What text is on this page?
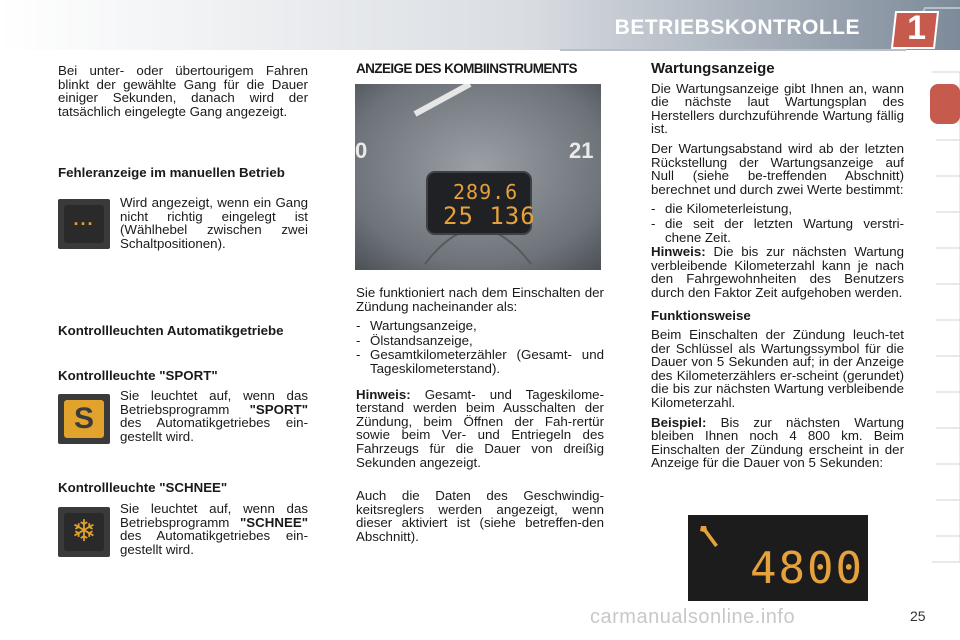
BETRIEBSKONTROLLE 1

Bei unter- oder übertourigem Fahren blinkt der gewählte Gang für die Dauer einiger Sekunden, danach wird der tatsächlich eingelegte Gang angezeigt.

Fehleranzeige im manuellen Betrieb

···
Wird angezeigt, wenn ein Gang nicht richtig eingelegt ist (Wählhebel zwischen zwei Schaltpositionen).

Kontrollleuchten Automatikgetriebe

Kontrollleuchte "SPORT"

S
Sie leuchtet auf, wenn das Betriebsprogramm "SPORT" des Automatikgetriebes ein-gestellt wird.

Kontrollleuchte "SCHNEE"

❄
Sie leuchtet auf, wenn das Betriebsprogramm "SCHNEE" des Automatikgetriebes ein-gestellt wird.

ANZEIGE DES KOMBIINSTRUMENTS

0	21
289.6
25 136

Sie funktioniert nach dem Einschalten der Zündung nacheinander als:

- Wartungsanzeige,
- Ölstandsanzeige,
- Gesamtkilometerzähler (Gesamt- und Tageskilometerstand).

Hinweis: Gesamt- und Tageskilome-terstand werden beim Ausschalten der Zündung, beim Öffnen der Fah-rertür sowie beim Ver- und Entriegeln des Fahrzeugs für die Dauer von dreißig Sekunden angezeigt.

Auch die Daten des Geschwindig-keitsreglers werden angezeigt, wenn dieser aktiviert ist (siehe betreffen-den Abschnitt).

Wartungsanzeige

Die Wartungsanzeige gibt Ihnen an, wann die nächste laut Wartungsplan des Herstellers durchzuführende Wartung fällig ist.

Der Wartungsabstand wird ab der letzten Rückstellung der Wartungsanzeige auf Null (siehe be-treffenden Abschnitt) berechnet und durch zwei Werte bestimmt:

- die Kilometerleistung,
- die seit der letzten Wartung verstri-chene Zeit.

Hinweis: Die bis zur nächsten Wartung verbleibende Kilometerzahl kann je nach den Fahrgewohnheiten des Benutzers durch den Faktor Zeit aufgehoben werden.

Funktionsweise

Beim Einschalten der Zündung leuch-tet der Schlüssel als Wartungssymbol für die Dauer von 5 Sekunden auf; in der Anzeige des Kilometerzählers er-scheint (gerundet) die bis zur nächsten Wartung verbleibende Kilometerzahl.

Beispiel: Bis zur nächsten Wartung bleiben Ihnen noch 4 800 km. Beim Einschalten der Zündung erscheint in der Anzeige für die Dauer von 5 Sekunden:

4800
carmanualsonline.info	25
